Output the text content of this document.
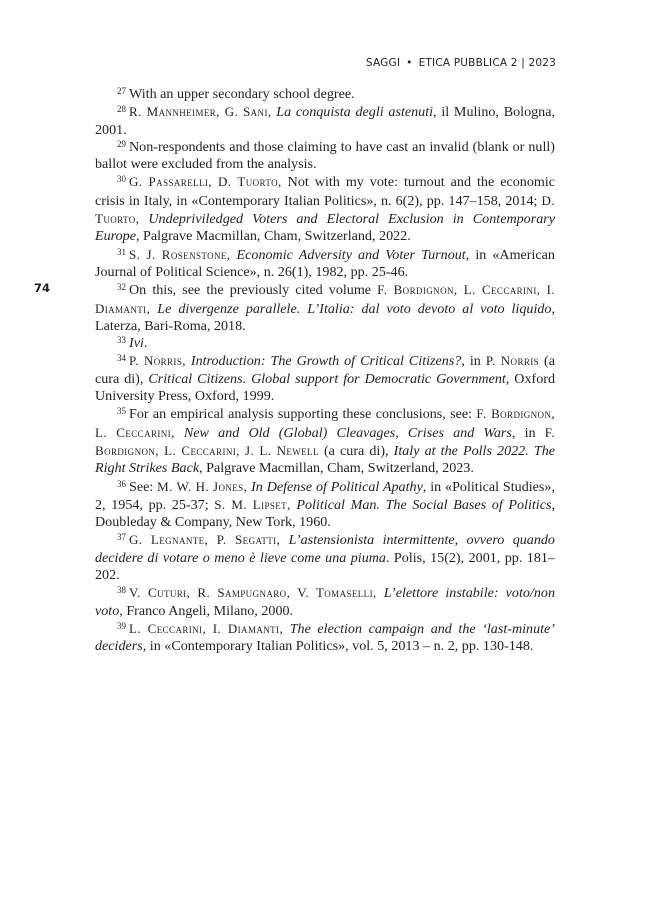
SAGGI • ETICA PUBBLICA 2 | 2023
74

$^{27}$ With an upper secondary school degree.

$^{28}$ R. Mannheimer, G. Sani, La conquista degli astenuti, il Mulino, Bologna, 2001.

$^{29}$ Non-respondents and those claiming to have cast an invalid (blank or null) ballot were excluded from the analysis.

$^{30}$ G. Passarelli, D. Tuorto, Not with my vote: turnout and the economic crisis in Italy, in «Contemporary Italian Politics», n. 6(2), pp. 147–158, 2014; D. Tuorto, Undepriviledged Voters and Electoral Exclusion in Contemporary Europe, Palgrave Macmillan, Cham, Switzerland, 2022.

$^{31}$ S. J. Rosenstone, Economic Adversity and Voter Turnout, in «American Journal of Political Science», n. 26(1), 1982, pp. 25-46.

$^{32}$ On this, see the previously cited volume F. Bordignon, L. Ceccarini, I. Diamanti, Le divergenze parallele. L’Italia: dal voto devoto al voto liquido, Laterza, Bari-Roma, 2018.

$^{33}$ Ivi.

$^{34}$ P. Norris, Introduction: The Growth of Critical Citizens?, in P. Norris (a cura di), Critical Citizens. Global support for Democratic Government, Oxford University Press, Oxford, 1999.

$^{35}$ For an empirical analysis supporting these conclusions, see: F. Bordignon, L. Ceccarini, New and Old (Global) Cleavages, Crises and Wars, in F. Bordignon, L. Ceccarini, J. L. Newell (a cura di), Italy at the Polls 2022. The Right Strikes Back, Palgrave Macmillan, Cham, Switzerland, 2023.

$^{36}$ See: M. W. H. Jones, In Defense of Political Apathy, in «Political Studies», 2, 1954, pp. 25-37; S. M. Lipset, Political Man. The Social Bases of Politics, Doubleday & Company, New Tork, 1960.

$^{37}$ G. Legnante, P. Segatti, L’astensionista intermittente, ovvero quando decidere di votare o meno è lieve come una piuma. Polis, 15(2), 2001, pp. 181–202.

$^{38}$ V. Cuturi, R. Sampugnaro, V. Tomaselli, L’elettore instabile: voto/non voto, Franco Angeli, Milano, 2000.

$^{39}$ L. Ceccarini, I. Diamanti, The election campaign and the ‘last-minute’ deciders, in «Contemporary Italian Politics», vol. 5, 2013 – n. 2, pp. 130-148.
